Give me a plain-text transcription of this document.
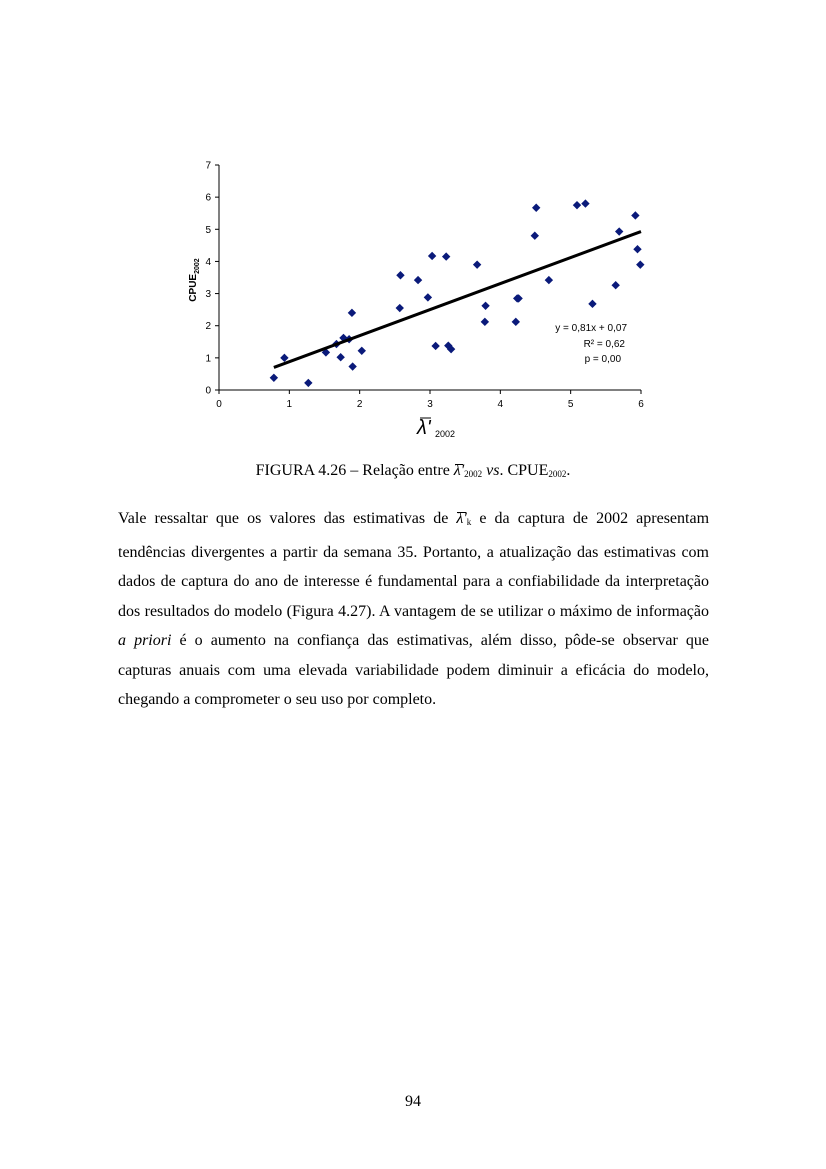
0
1
2
3
4
5
6
7
0	1	2	3	4	5	6
y = 0,81x + 0,07
R² = 0,62
p = 0,00
$CPUE_{2002}$
λ' 2002
FIGURA 4.26 – Relação entre $\lambda'_{2002}$ vs. $CPUE_{2002}$.
Vale ressaltar que os valores das estimativas de $\lambda'_k$ e da captura de 2002 apresentam tendências divergentes a partir da semana 35. Portanto, a atualização das estimativas com dados de captura do ano de interesse é fundamental para a confiabilidade da interpretação dos resultados do modelo (Figura 4.27). A vantagem de se utilizar o máximo de informação a priori é o aumento na confiança das estimativas, além disso, pôde-se observar que capturas anuais com uma elevada variabilidade podem diminuir a eficácia do modelo, chegando a comprometer o seu uso por completo.
94
